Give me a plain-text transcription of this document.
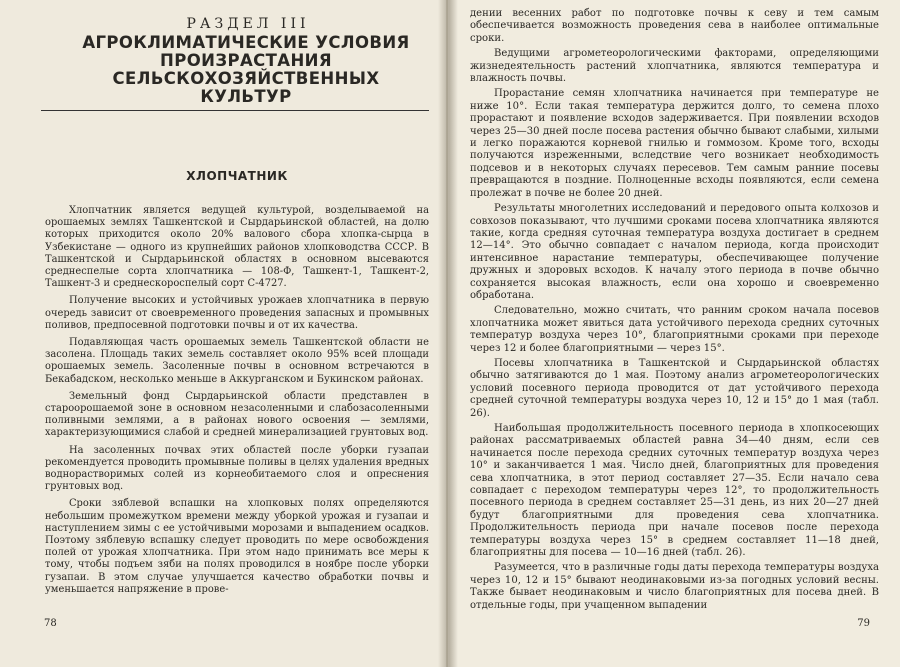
РАЗДЕЛ III
АГРОКЛИМАТИЧЕСКИЕ УСЛОВИЯ
ПРОИЗРАСТАНИЯ СЕЛЬСКОХОЗЯЙСТВЕННЫХ
КУЛЬТУР
ХЛОПЧАТНИК

Хлопчатник является ведущей культурой, возделываемой на орошаемых землях Ташкентской и Сырдарьинской областей, на долю которых приходится около 20% валового сбора хлопка-сырца в Узбекистане — одного из крупнейших районов хлопководства СССР. В Ташкентской и Сырдарьинской областях в основном высеваются среднеспелые сорта хлопчатника — 108-Ф, Ташкент-1, Ташкент-2, Ташкент-3 и среднескороспелый сорт С-4727.

Получение высоких и устойчивых урожаев хлопчатника в первую очередь зависит от своевременного проведения запасных и промывных поливов, предпосевной подготовки почвы и от их качества.

Подавляющая часть орошаемых земель Ташкентской области не засолена. Площадь таких земель составляет около 95% всей площади орошаемых земель. Засоленные почвы в основном встречаются в Бекабадском, несколько меньше в Аккурганском и Букинском районах.

Земельный фонд Сырдарьинской области представлен в староорошаемой зоне в основном незасоленными и слабозасоленными поливными землями, а в районах нового освоения — землями, характеризующимися слабой и средней минерализацией грунтовых вод.

На засоленных почвах этих областей после уборки гузапаи рекомендуется проводить промывные поливы в целях удаления вредных воднорастворимых солей из корнеобитаемого слоя и опреснения грунтовых вод.

Сроки зяблевой вспашки на хлопковых полях определяются небольшим промежутком времени между уборкой урожая и гузапаи и наступлением зимы с ее устойчивыми морозами и выпадением осадков. Поэтому зяблевую вспашку следует проводить по мере освобождения полей от урожая хлопчатника. При этом надо принимать все меры к тому, чтобы подъем зяби на полях проводился в ноябре после уборки гузапаи. В этом случае улучшается качество обработки почвы и уменьшается напряжение в прове-

78

дении весенних работ по подготовке почвы к севу и тем самым обеспечивается возможность проведения сева в наиболее оптимальные сроки.

Ведущими агрометеорологическими факторами, определяющими жизнедеятельность растений хлопчатника, являются температура и влажность почвы.

Прорастание семян хлопчатника начинается при температуре не ниже 10°. Если такая температура держится долго, то семена плохо прорастают и появление всходов задерживается. При появлении всходов через 25—30 дней после посева растения обычно бывают слабыми, хилыми и легко поражаются корневой гнилью и гоммозом. Кроме того, всходы получаются изреженными, вследствие чего возникает необходимость подсевов и в некоторых случаях пересевов. Тем самым ранние посевы превращаются в поздние. Полноценные всходы появляются, если семена пролежат в почве не более 20 дней.

Результаты многолетних исследований и передового опыта колхозов и совхозов показывают, что лучшими сроками посева хлопчатника являются такие, когда средняя суточная температура воздуха достигает в среднем 12—14°. Это обычно совпадает с началом периода, когда происходит интенсивное нарастание температуры, обеспечивающее получение дружных и здоровых всходов. К началу этого периода в почве обычно сохраняется высокая влажность, если она хорошо и своевременно обработана.

Следовательно, можно считать, что ранним сроком начала посевов хлопчатника может явиться дата устойчивого перехода средних суточных температур воздуха через 10°, благоприятными сроками при переходе через 12 и более благоприятными — через 15°.

Посевы хлопчатника в Ташкентской и Сырдарьинской областях обычно затягиваются до 1 мая. Поэтому анализ агрометеорологических условий посевного периода проводится от дат устойчивого перехода средней суточной температуры воздуха через 10, 12 и 15° до 1 мая (табл. 26).

Наибольшая продолжительность посевного периода в хлопкосеющих районах рассматриваемых областей равна 34—40 дням, если сев начинается после перехода средних суточных температур воздуха через 10° и заканчивается 1 мая. Число дней, благоприятных для проведения сева хлопчатника, в этот период составляет 27—35. Если начало сева совпадает с переходом температуры через 12°, то продолжительность посевного периода в среднем составляет 25—31 день, из них 20—27 дней будут благоприятными для проведения сева хлопчатника. Продолжительность периода при начале посевов после перехода температуры воздуха через 15° в среднем составляет 11—18 дней, благоприятны для посева — 10—16 дней (табл. 26).

Разумеется, что в различные годы даты перехода температуры воздуха через 10, 12 и 15° бывают неодинаковыми из-за погодных условий весны. Также бывает неодинаковым и число благоприятных для посева дней. В отдельные годы, при учащенном выпадении

79
